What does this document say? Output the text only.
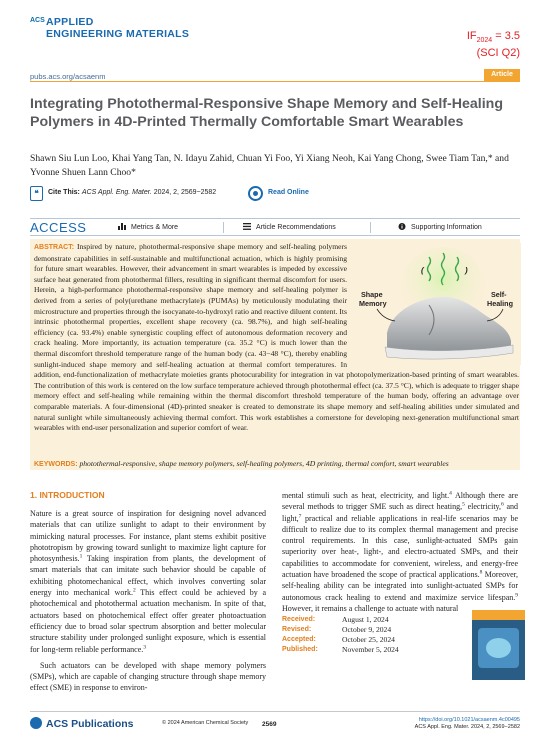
ACS APPLIED
ENGINEERING MATERIALS	$IF_{2024} = 3.5$
(SCI Q2)
pubs.acs.org/acsaenm	Article
Integrating Photothermal-Responsive Shape Memory and Self-Healing Polymers in 4D-Printed Thermally Comfortable Smart Wearables
Shawn Siu Lun Loo, Khai Yang Tan, N. Idayu Zahid, Chuan Yi Foo, Yi Xiang Neoh, Kai Yang Chong, Swee Tiam Tan,* and Yvonne Shuen Lann Choo*
❝	Cite This: ACS Appl. Eng. Mater. 2024, 2, 2569−2582	Read Online
ACCESS	Metrics & More	Article Recommendations	Supporting Information
ABSTRACT: Inspired by nature, photothermal-responsive shape memory and self-healing polymers demonstrate capabilities in self-sustainable and multifunctional actuation, which is highly promising for future smart wearables. However, their advancement in smart wearables is impeded by excessive surface heat generated from photothermal fillers, resulting in significant thermal discomfort for users. Herein, a high-performance photothermal-responsive shape memory and self-healing polymer is derived from a series of poly(urethane methacrylate)s (PUMAs) by meticulously modulating their microstructure and properties through the isocyanate-to-hydroxyl ratio and reactive diluent content. Its intrinsic photothermal properties, excellent shape recovery (ca. 98.7%), and high self-healing efficiency (ca. 93.4%) enable synergistic coupling effect of autonomous deformation recovery and crack healing. More importantly, its actuation temperature (ca. 35.2 °C) is much lower than the thermal discomfort threshold temperature range of the human body (ca. 43−48 °C), thereby enabling sunlight-induced shape memory and self-healing actuation at thermal comfort temperatures. In addition, end-functionalization of methacrylate moieties grants photocurability for integration in vat photopolymerization-based printing of smart wearables. The contribution of this work is centered on the low surface temperature achieved through photothermal effect (ca. 37.5 °C), which is adequate to trigger shape memory effect and self-healing while remaining within the thermal discomfort threshold temperature of the human body, offering an advantage over comparable materials. A four-dimensional (4D)-printed sneaker is created to demonstrate its shape memory and self-healing abilities under simulated and natural sunlight while simultaneously achieving thermal comfort. This work establishes a cornerstone for developing next-generation multifunctional smart wearables with end-user personalization and superior comfort of wear.
(	)
Shape
Memory
Self-
Healing
KEYWORDS: photothermal-responsive, shape memory polymers, self-healing polymers, 4D printing, thermal comfort, smart wearables
1. INTRODUCTION

Nature is a great source of inspiration for designing novel advanced materials that can utilize sunlight to adapt to their environment by mimicking natural processes. For instance, plant stems exhibit positive phototropism by growing toward sunlight to maximize light capture for photosynthesis.$^1$ Taking inspiration from plants, the development of smart materials that can imitate such behavior should be capable of exhibiting photomechanical effect, which involves converting solar energy into mechanical work.$^2$ This effect could be achieved by a photochemical and photothermal actuation mechanism. In spite of that, actuators based on photochemical effect offer greater photoactuation efficiency due to broad solar spectrum absorption and better molecular structure stability under prolonged sunlight exposure, which is essential for long-term reliable performance.$^3$

Such actuators can be developed with shape memory polymers (SMPs), which are capable of changing structure through shape memory effect (SME) in response to environ-

mental stimuli such as heat, electricity, and light.$^4$ Although there are several methods to trigger SME such as direct heating,$^5$ electricity,$^6$ and light,$^7$ practical and reliable applications in real-life scenarios may be difficult to realize due to its complex thermal management and precise control requirements. In this case, sunlight-actuated SMPs gain superiority over heat-, light-, and electro-actuated SMPs, and their capabilities to accommodate for convenient, wireless, and energy-free actuation have broadened the scope of practical applications.$^8$ Moreover, self-healing ability can be integrated into sunlight-actuated SMPs for autonomous crack healing to extend and maximize service lifespan.$^9$ However, it remains a challenge to actuate with natural

Received:	August 1, 2024
Revised:	October 9, 2024
Accepted:	October 25, 2024
Published:	November 5, 2024
ACS Publications	© 2024 American Chemical Society 2569
https://doi.org/10.1021/acsaenm.4c00495
ACS Appl. Eng. Mater. 2024, 2, 2569−2582
